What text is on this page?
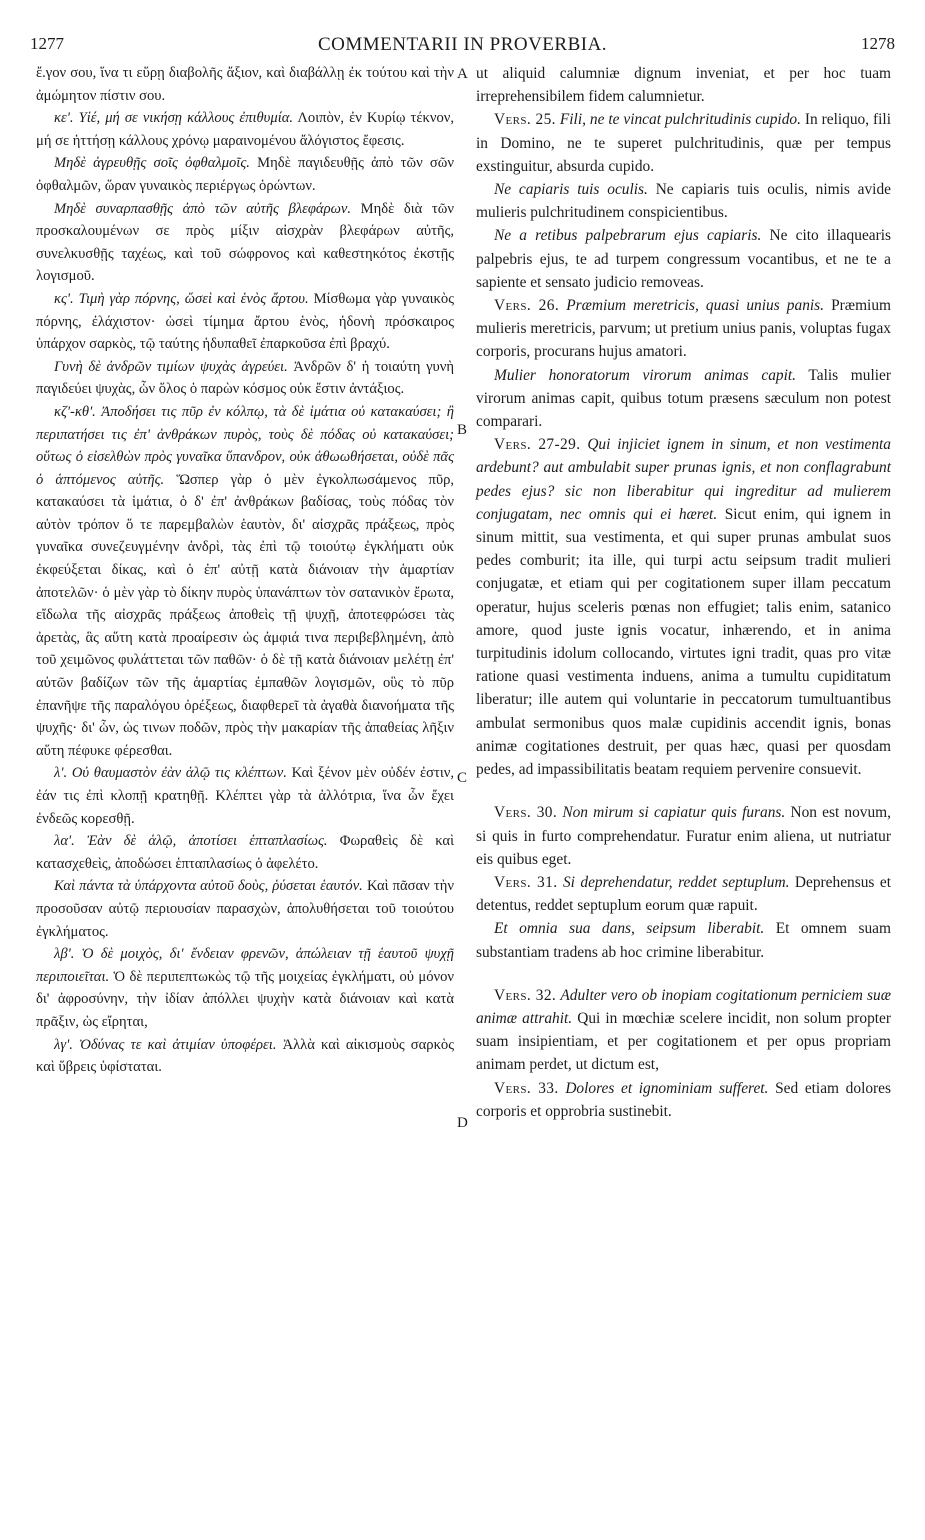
1277	COMMENTARII IN PROVERBIA.	1278

ἔ.γον σου, ἵνα τι εὕρῃ διαβολῆς ἄξιον, καὶ διαβάλλῃ ἐκ τούτου καὶ τὴν ἀμώμητον πίστιν σου.

κε'. Υἱέ, μή σε νικήσῃ κάλλους ἐπιθυμία. Λοιπὸν, ἐν Κυρίῳ τέκνον, μή σε ἡττήσῃ κάλλους χρόνῳ μαραινομένου ἄλόγιστος ἔφεσις.

Μηδὲ ἀγρευθῇς σοῖς ὀφθαλμοῖς. Μηδὲ παγιδευθῇς ἀπὸ τῶν σῶν ὀφθαλμῶν, ὥραν γυναικὸς περιέργως ὁρώντων.

Μηδὲ συναρπασθῇς ἀπὸ τῶν αὐτῆς βλεφάρων. Μηδὲ διὰ τῶν προσκαλουμένων σε πρὸς μίξιν αἰσχρὰν βλεφάρων αὐτῆς, συνελκυσθῇς ταχέως, καὶ τοῦ σώφρονος καὶ καθεστηκότος ἐκστῇς λογισμοῦ.

κς'. Τιμὴ γὰρ πόρνης, ὥσεὶ καὶ ἑνὸς ἄρτου. Μίσθωμα γὰρ γυναικὸς πόρνης, ἐλάχιστον· ὡσεὶ τίμημα ἄρτου ἑνὸς, ἡδονὴ πρόσκαιρος ὑπάρχον σαρκὸς, τῷ ταύτης ἡδυπαθεῖ ἐπαρκοῦσα ἐπὶ βραχύ.

Γυνὴ δὲ ἀνδρῶν τιμίων ψυχὰς ἀγρεύει. Ἀνδρῶν δ' ἡ τοιαύτη γυνὴ παγιδεύει ψυχὰς, ὧν ὅλος ὁ παρὼν κόσμος οὐκ ἔστιν ἀντάξιος.

κζ'-κθ'. Ἀποδήσει τις πῦρ ἐν κόλπῳ, τὰ δὲ ἱμάτια οὐ κατακαύσει; ἢ περιπατήσει τις ἐπ' ἀνθράκων πυρὸς, τοὺς δὲ πόδας οὐ κατακαύσει; οὕτως ὁ εἰσελθὼν πρὸς γυναῖκα ὕπανδρον, οὐκ ἀθωωθήσεται, οὐδὲ πᾶς ὁ ἁπτόμενος αὐτῆς. Ὥσπερ γὰρ ὁ μὲν ἐγκολπωσάμενος πῦρ, κατακαύσει τὰ ἱμάτια, ὁ δ' ἐπ' ἀνθράκων βαδίσας, τοὺς πόδας τὸν αὐτὸν τρόπον ὅ τε παρεμβαλὼν ἑαυτὸν, δι' αἰσχρᾶς πράξεως, πρὸς γυναῖκα συνεζευγμένην ἀνδρὶ, τὰς ἐπὶ τῷ τοιούτῳ ἐγκλήματι οὐκ ἐκφεύξεται δίκας, καὶ ὁ ἐπ' αὐτῇ κατὰ διάνοιαν τὴν ἁμαρτίαν ἀποτελῶν· ὁ μὲν γὰρ τὸ δίκην πυρὸς ὑπανάπτων τὸν σατανικὸν ἔρωτα, εἴδωλα τῆς αἰσχρᾶς πράξεως ἀποθεὶς τῇ ψυχῇ, ἀποτεφρώσει τὰς ἀρετὰς, ἃς αὕτη κατὰ προαίρεσιν ὡς ἀμφιά τινα περιβεβλημένη, ἀπὸ τοῦ χειμῶνος φυλάττεται τῶν παθῶν· ὁ δὲ τῇ κατὰ διάνοιαν μελέτῃ ἐπ' αὐτῶν βαδίζων τῶν τῆς ἁμαρτίας ἐμπαθῶν λογισμῶν, οὓς τὸ πῦρ ἐπανῆψε τῆς παραλόγου ὀρέξεως, διαφθερεῖ τὰ ἀγαθὰ διανοήματα τῆς ψυχῆς· δι' ὧν, ὡς τινων ποδῶν, πρὸς τὴν μακαρίαν τῆς ἀπαθείας λῆξιν αὕτη πέφυκε φέρεσθαι.

λ'. Οὐ θαυμαστὸν ἐὰν ἁλῷ τις κλέπτων. Καὶ ξένον μὲν οὐδέν ἐστιν, ἐάν τις ἐπὶ κλοπῇ κρατηθῇ. Κλέπτει γὰρ τὰ ἀλλότρια, ἵνα ὧν ἔχει ἐνδεῶς κορεσθῇ.

λα'. Ἐὰν δὲ ἁλῷ, ἀποτίσει ἑπταπλασίως. Φωραθεὶς δὲ καὶ κατασχεθεὶς, ἀποδώσει ἑπταπλασίως ὁ ἀφελέτο.

Καὶ πάντα τὰ ὑπάρχοντα αὐτοῦ δοὺς, ῥύσεται ἑαυτόν. Καὶ πᾶσαν τὴν προσοῦσαν αὐτῷ περιουσίαν παρασχὼν, ἀπολυθήσεται τοῦ τοιούτου ἐγκλήματος.

λβ'. Ὁ δὲ μοιχὸς, δι' ἔνδειαν φρενῶν, ἀπώλειαν τῇ ἑαυτοῦ ψυχῇ περιποιεῖται. Ὁ δὲ περιπεπτωκὼς τῷ τῆς μοιχείας ἐγκλήματι, οὐ μόνον δι' ἀφροσύνην, τὴν ἰδίαν ἀπόλλει ψυχὴν κατὰ διάνοιαν καὶ κατὰ πρᾶξιν, ὡς εἴρηται,

λγ'. Ὀδύνας τε καὶ ἀτιμίαν ὑποφέρει. Ἀλλὰ καὶ αἰκισμοὺς σαρκὸς καὶ ὕβρεις ὑφίσταται.

A
B
C
D

ut aliquid calumniæ dignum inveniat, et per hoc tuam irreprehensibilem fidem calumnietur.

Vers. 25. Fili, ne te vincat pulchritudinis cupido. In reliquo, fili in Domino, ne te superet pulchritudinis, quæ per tempus exstinguitur, absurda cupido.

Ne capiaris tuis oculis. Ne capiaris tuis oculis, nimis avide mulieris pulchritudinem conspicientibus.

Ne a retibus palpebrarum ejus capiaris. Ne cito illaquearis palpebris ejus, te ad turpem congressum vocantibus, et ne te a sapiente et sensato judicio removeas.

Vers. 26. Præmium meretricis, quasi unius panis. Præmium mulieris meretricis, parvum; ut pretium unius panis, voluptas fugax corporis, procurans hujus amatori.

Mulier honoratorum virorum animas capit. Talis mulier virorum animas capit, quibus totum præsens sæculum non potest comparari.

Vers. 27-29. Qui injiciet ignem in sinum, et non vestimenta ardebunt? aut ambulabit super prunas ignis, et non conflagrabunt pedes ejus? sic non liberabitur qui ingreditur ad mulierem conjugatam, nec omnis qui ei hæret. Sicut enim, qui ignem in sinum mittit, sua vestimenta, et qui super prunas ambulat suos pedes comburit; ita ille, qui turpi actu seipsum tradit mulieri conjugatæ, et etiam qui per cogitationem super illam peccatum operatur, hujus sceleris pœnas non effugiet; talis enim, satanico amore, quod juste ignis vocatur, inhærendo, et in anima turpitudinis idolum collocando, virtutes igni tradit, quas pro vitæ ratione quasi vestimenta induens, anima a tumultu cupiditatum liberatur; ille autem qui voluntarie in peccatorum tumultuantibus ambulat sermonibus quos malæ cupidinis accendit ignis, bonas animæ cogitationes destruit, per quas hæc, quasi per quosdam pedes, ad impassibilitatis beatam requiem pervenire consuevit.

Vers. 30. Non mirum si capiatur quis furans. Non est novum, si quis in furto comprehendatur. Furatur enim aliena, ut nutriatur eis quibus eget.

Vers. 31. Si deprehendatur, reddet septuplum. Deprehensus et detentus, reddet septuplum eorum quæ rapuit.

Et omnia sua dans, seipsum liberabit. Et omnem suam substantiam tradens ab hoc crimine liberabitur.

Vers. 32. Adulter vero ob inopiam cogitationum perniciem suæ animæ attrahit. Qui in mœchiæ scelere incidit, non solum propter suam insipientiam, et per cogitationem et per opus propriam animam perdet, ut dictum est,

Vers. 33. Dolores et ignominiam sufferet. Sed etiam dolores corporis et opprobria sustinebit.
